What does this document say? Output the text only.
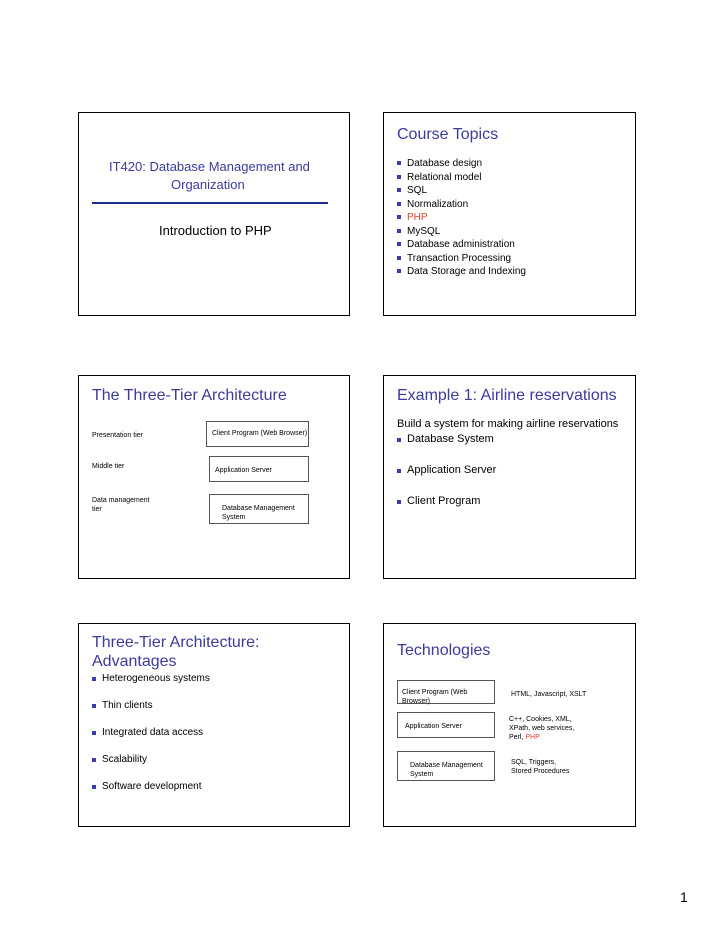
IT420: Database Management and
Organization
Introduction to PHP
Course Topics
Database design
Relational model
SQL
Normalization
PHP
MySQL
Database administration
Transaction Processing
Data Storage and Indexing
The Three-Tier Architecture
Presentation tier	Client Program (Web Browser)
Middle tier
Application Server
Data management
tier	Database Management
System
Example 1: Airline reservations
Build a system for making airline reservations
Database System
Application Server
Client Program
Three-Tier Architecture:
Advantages
Heterogeneous systems
Thin clients
Integrated data access
Scalability
Software development
Technologies
Client Program (Web Browser)
HTML, Javascript, XSLT
Application Server
C++, Cookies, XML,
XPath, web services,
Perl, PHP
Database Management
System
SQL, Triggers,
Stored Procedures
1
